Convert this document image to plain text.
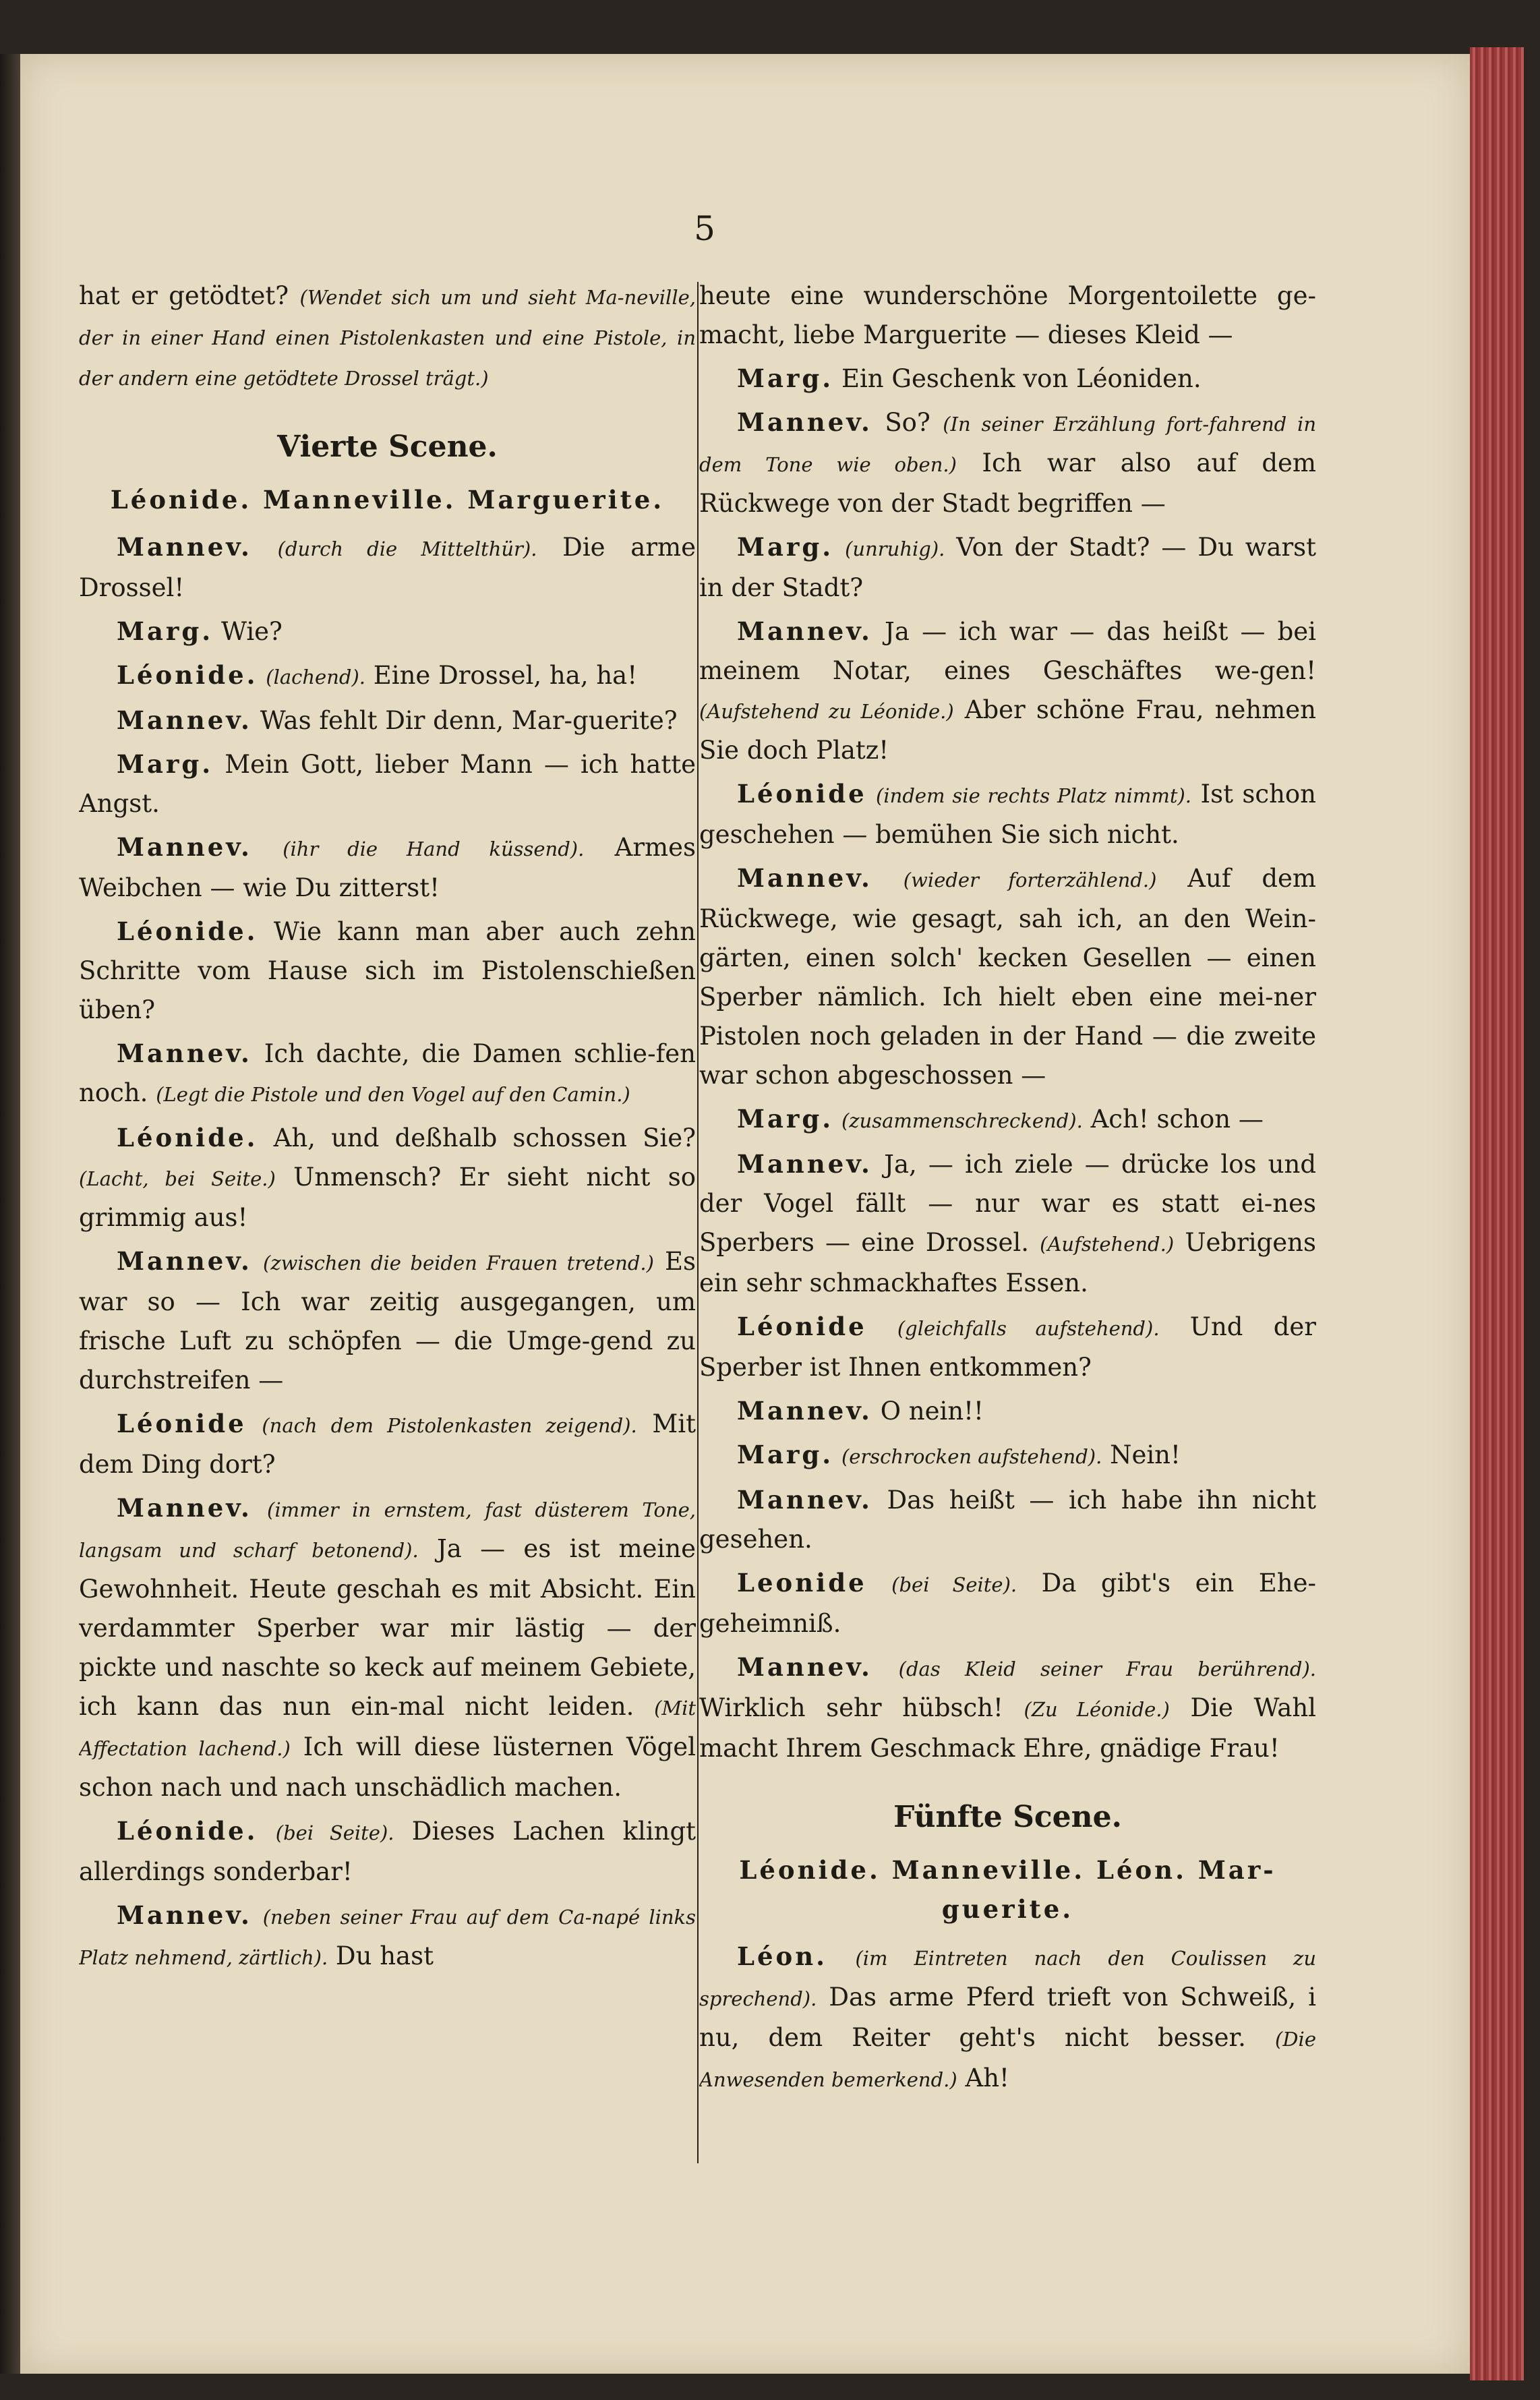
5

hat er getödtet? (Wendet sich um und sieht Ma-neville, der in einer Hand einen Pistolenkasten und eine Pistole, in der andern eine getödtete Drossel trägt.)

Vierte Scene.
Léonide. Manneville. Marguerite.

Mannev. (durch die Mittelthür). Die arme Drossel!

Marg. Wie?

Léonide. (lachend). Eine Drossel, ha, ha!

Mannev. Was fehlt Dir denn, Mar-guerite?

Marg. Mein Gott, lieber Mann — ich hatte Angst.

Mannev. (ihr die Hand küssend). Armes Weibchen — wie Du zitterst!

Léonide. Wie kann man aber auch zehn Schritte vom Hause sich im Pistolenschießen üben?

Mannev. Ich dachte, die Damen schlie-fen noch. (Legt die Pistole und den Vogel auf den Camin.)

Léonide. Ah, und deßhalb schossen Sie? (Lacht, bei Seite.) Unmensch? Er sieht nicht so grimmig aus!

Mannev. (zwischen die beiden Frauen tretend.) Es war so — Ich war zeitig ausgegangen, um frische Luft zu schöpfen — die Umge-gend zu durchstreifen —

Léonide (nach dem Pistolenkasten zeigend). Mit dem Ding dort?

Mannev. (immer in ernstem, fast düsterem Tone, langsam und scharf betonend). Ja — es ist meine Gewohnheit. Heute geschah es mit Absicht. Ein verdammter Sperber war mir lästig — der pickte und naschte so keck auf meinem Gebiete, ich kann das nun ein-mal nicht leiden. (Mit Affectation lachend.) Ich will diese lüsternen Vögel schon nach und nach unschädlich machen.

Léonide. (bei Seite). Dieses Lachen klingt allerdings sonderbar!

Mannev. (neben seiner Frau auf dem Ca-napé links Platz nehmend, zärtlich). Du hast

heute eine wunderschöne Morgentoilette ge-macht, liebe Marguerite — dieses Kleid —

Marg. Ein Geschenk von Léoniden.

Mannev. So? (In seiner Erzählung fort-fahrend in dem Tone wie oben.) Ich war also auf dem Rückwege von der Stadt begriffen —

Marg. (unruhig). Von der Stadt? — Du warst in der Stadt?

Mannev. Ja — ich war — das heißt — bei meinem Notar, eines Geschäftes we-gen! (Aufstehend zu Léonide.) Aber schöne Frau, nehmen Sie doch Platz!

Léonide (indem sie rechts Platz nimmt). Ist schon geschehen — bemühen Sie sich nicht.

Mannev. (wieder forterzählend.) Auf dem Rückwege, wie gesagt, sah ich, an den Wein-gärten, einen solch' kecken Gesellen — einen Sperber nämlich. Ich hielt eben eine mei-ner Pistolen noch geladen in der Hand — die zweite war schon abgeschossen —

Marg. (zusammenschreckend). Ach! schon —

Mannev. Ja, — ich ziele — drücke los und der Vogel fällt — nur war es statt ei-nes Sperbers — eine Drossel. (Aufstehend.) Uebrigens ein sehr schmackhaftes Essen.

Léonide (gleichfalls aufstehend). Und der Sperber ist Ihnen entkommen?

Mannev. O nein!!

Marg. (erschrocken aufstehend). Nein!

Mannev. Das heißt — ich habe ihn nicht gesehen.

Leonide (bei Seite). Da gibt's ein Ehe-geheimniß.

Mannev. (das Kleid seiner Frau berührend). Wirklich sehr hübsch! (Zu Léonide.) Die Wahl macht Ihrem Geschmack Ehre, gnädige Frau!

Fünfte Scene.
Léonide. Manneville. Léon. Mar-guerite.

Léon. (im Eintreten nach den Coulissen zu sprechend). Das arme Pferd trieft von Schweiß, i nu, dem Reiter geht's nicht besser. (Die Anwesenden bemerkend.) Ah!
